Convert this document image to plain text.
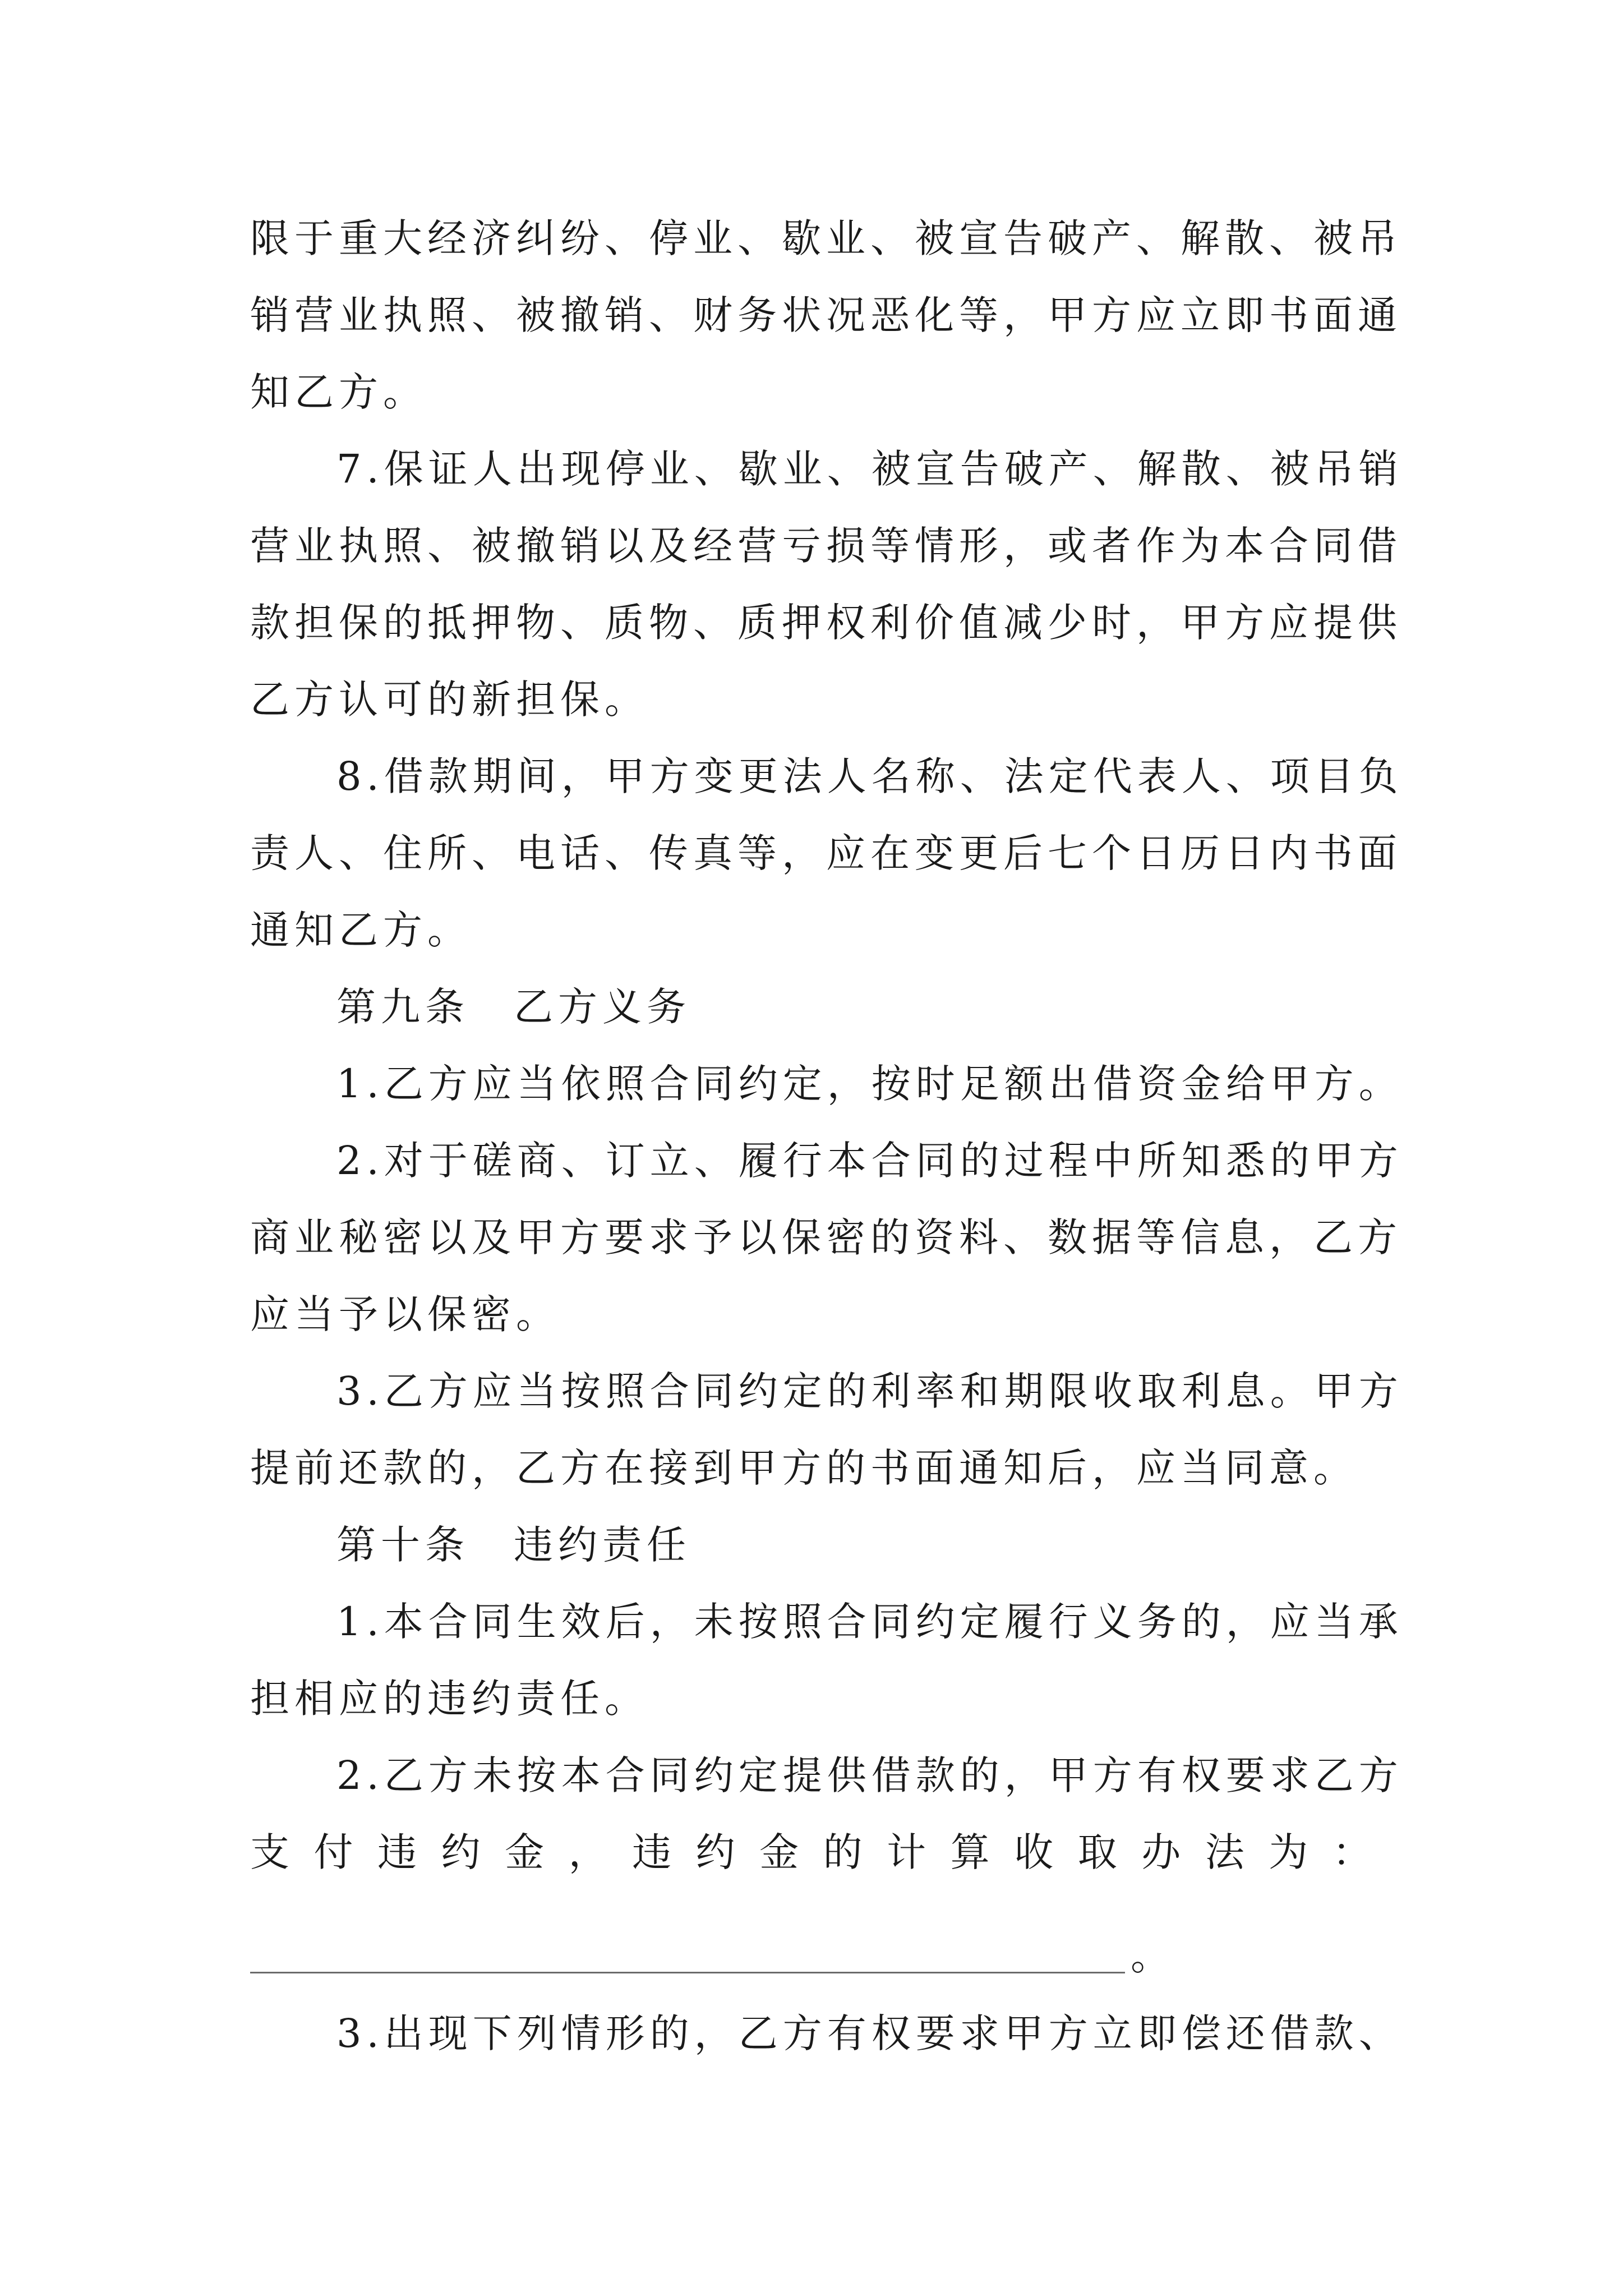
限于重大经济纠纷、停业、歇业、被宣告破产、解散、被吊
销营业执照、被撤销、财务状况恶化等，甲方应立即书面通
知乙方。
7.保证人出现停业、歇业、被宣告破产、解散、被吊销
营业执照、被撤销以及经营亏损等情形，或者作为本合同借
款担保的抵押物、质物、质押权利价值减少时，甲方应提供
乙方认可的新担保。
8.借款期间，甲方变更法人名称、法定代表人、项目负
责人、住所、电话、传真等，应在变更后七个日历日内书面
通知乙方。
第九条　乙方义务
1.乙方应当依照合同约定，按时足额出借资金给甲方。
2.对于磋商、订立、履行本合同的过程中所知悉的甲方
商业秘密以及甲方要求予以保密的资料、数据等信息，乙方
应当予以保密。
3.乙方应当按照合同约定的利率和期限收取利息。甲方
提前还款的，乙方在接到甲方的书面通知后，应当同意。
第十条　违约责任
1.本合同生效后，未按照合同约定履行义务的，应当承
担相应的违约责任。
2.乙方未按本合同约定提供借款的，甲方有权要求乙方
支 付 违 约 金 ， 违 约 金 的 计 算 收 取 办 法 为 ：
。
3.出现下列情形的，乙方有权要求甲方立即偿还借款、
